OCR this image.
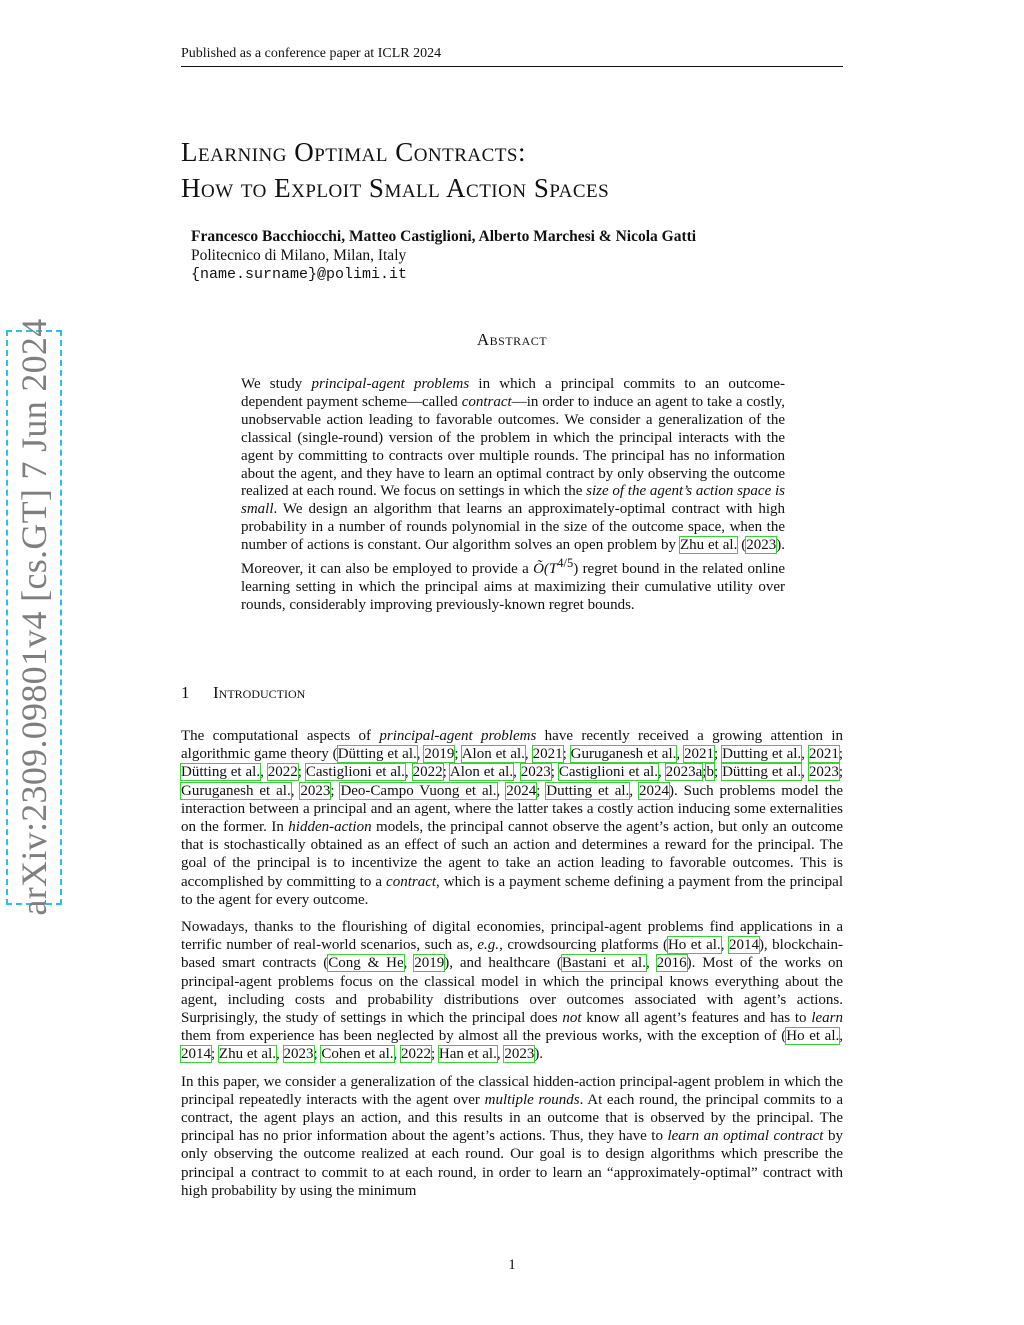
Published as a conference paper at ICLR 2024
Learning Optimal Contracts:
How to Exploit Small Action Spaces
Francesco Bacchiocchi, Matteo Castiglioni, Alberto Marchesi & Nicola Gatti
Politecnico di Milano, Milan, Italy
{name.surname}@polimi.it
arXiv:2309.09801v4 [cs.GT] 7 Jun 2024	Abstract
We study principal-agent problems in which a principal commits to an outcome-dependent payment scheme—called contract—in order to induce an agent to take a costly, unobservable action leading to favorable outcomes. We consider a generalization of the classical (single-round) version of the problem in which the principal interacts with the agent by committing to contracts over multiple rounds. The principal has no information about the agent, and they have to learn an optimal contract by only observing the outcome realized at each round. We focus on settings in which the size of the agent’s action space is small. We design an algorithm that learns an approximately-optimal contract with high probability in a number of rounds polynomial in the size of the outcome space, when the number of actions is constant. Our algorithm solves an open problem by Zhu et al. (2023). Moreover, it can also be employed to provide a $Õ(T^{4/5})$ regret bound in the related online learning setting in which the principal aims at maximizing their cumulative utility over rounds, considerably improving previously-known regret bounds.
1 Introduction

The computational aspects of principal-agent problems have recently received a growing attention in algorithmic game theory (Dütting et al., 2019; Alon et al., 2021; Guruganesh et al., 2021; Dutting et al., 2021; Dütting et al., 2022; Castiglioni et al., 2022; Alon et al., 2023; Castiglioni et al., 2023a;b; Dütting et al., 2023; Guruganesh et al., 2023; Deo-Campo Vuong et al., 2024; Dutting et al., 2024). Such problems model the interaction between a principal and an agent, where the latter takes a costly action inducing some externalities on the former. In hidden-action models, the principal cannot observe the agent’s action, but only an outcome that is stochastically obtained as an effect of such an action and determines a reward for the principal. The goal of the principal is to incentivize the agent to take an action leading to favorable outcomes. This is accomplished by committing to a contract, which is a payment scheme defining a payment from the principal to the agent for every outcome.

Nowadays, thanks to the flourishing of digital economies, principal-agent problems find applications in a terrific number of real-world scenarios, such as, e.g., crowdsourcing platforms (Ho et al., 2014), blockchain-based smart contracts (Cong & He, 2019), and healthcare (Bastani et al., 2016). Most of the works on principal-agent problems focus on the classical model in which the principal knows everything about the agent, including costs and probability distributions over outcomes associated with agent’s actions. Surprisingly, the study of settings in which the principal does not know all agent’s features and has to learn them from experience has been neglected by almost all the previous works, with the exception of (Ho et al., 2014; Zhu et al., 2023; Cohen et al., 2022; Han et al., 2023).

In this paper, we consider a generalization of the classical hidden-action principal-agent problem in which the principal repeatedly interacts with the agent over multiple rounds. At each round, the principal commits to a contract, the agent plays an action, and this results in an outcome that is observed by the principal. The principal has no prior information about the agent’s actions. Thus, they have to learn an optimal contract by only observing the outcome realized at each round. Our goal is to design algorithms which prescribe the principal a contract to commit to at each round, in order to learn an “approximately-optimal” contract with high probability by using the minimum

1
